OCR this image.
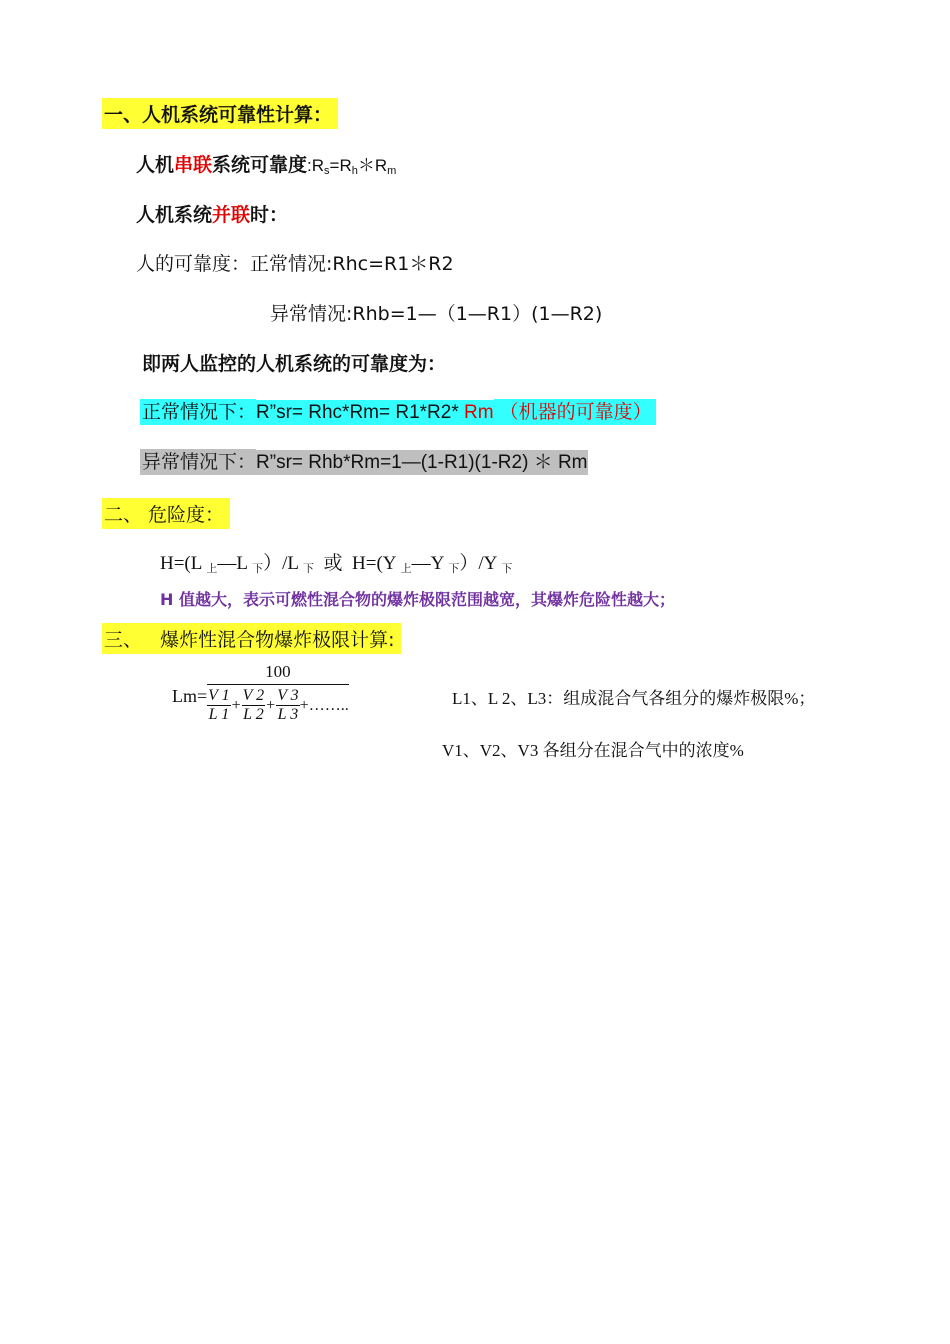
一、人机系统可靠性计算：
人机串联系统可靠度$:R_s=R_h*R_m$
人机系统并联时：
人的可靠度：正常情况:Rhc=R1＊R2
异常情况:Rhb=1—（1—R1）(1—R2)
即两人监控的人机系统的可靠度为：
正常情况下：R”sr= Rhc*Rm= R1*R2* Rm （机器的可靠度）
异常情况下：R”sr= Rhb*Rm=1—(1-R1)(1-R2) ＊ Rm
二、 危险度：
H=(L $_上$—L $_下$）/L $_下$  或  H=(Y $_上$—Y $_下$）/Y $_下$
H 值越大，表示可燃性混合物的爆炸极限范围越宽，其爆炸危险性越大；
三、   爆炸性混合物爆炸极限计算:
Lm=
100
$\frac{V 1}{L 1} + \frac{V 2}{L 2} + \frac{V 3}{L 3}$ +……..	L1、L 2、L3：组成混合气各组分的爆炸极限%；
V1、V2、V3 各组分在混合气中的浓度%
